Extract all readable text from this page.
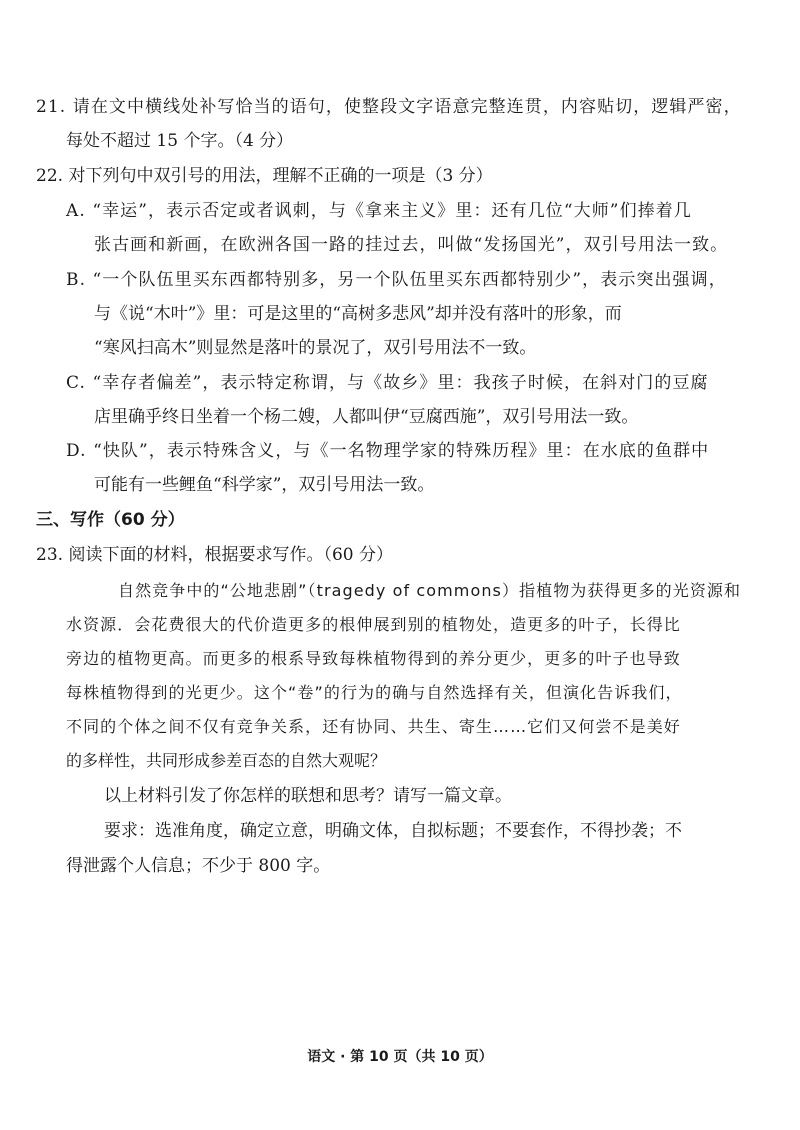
21. 请在文中横线处补写恰当的语句，使整段文字语意完整连贯，内容贴切，逻辑严密，
每处不超过 15 个字。（4 分）
22. 对下列句中双引号的用法，理解不正确的一项是（3 分）
A. “幸运”，表示否定或者讽刺，与《拿来主义》里：还有几位“大师”们捧着几
张古画和新画，在欧洲各国一路的挂过去，叫做“发扬国光”，双引号用法一致。
B. “一个队伍里买东西都特别多，另一个队伍里买东西都特别少”，表示突出强调，
与《说“木叶”》里：可是这里的“高树多悲风”却并没有落叶的形象，而
“寒风扫高木”则显然是落叶的景况了，双引号用法不一致。
C. “幸存者偏差”，表示特定称谓，与《故乡》里：我孩子时候，在斜对门的豆腐
店里确乎终日坐着一个杨二嫂，人都叫伊“豆腐西施”，双引号用法一致。
D. “快队”，表示特殊含义，与《一名物理学家的特殊历程》里：在水底的鱼群中
可能有一些鲤鱼“科学家”，双引号用法一致。
三、写作（60 分）
23. 阅读下面的材料，根据要求写作。（60 分）
自然竞争中的“公地悲剧”（tragedy of commons）指植物为获得更多的光资源和
水资源．会花费很大的代价造更多的根伸展到别的植物处，造更多的叶子，长得比
旁边的植物更高。而更多的根系导致每株植物得到的养分更少，更多的叶子也导致
每株植物得到的光更少。这个“卷”的行为的确与自然选择有关，但演化告诉我们，
不同的个体之间不仅有竞争关系，还有协同、共生、寄生……它们又何尝不是美好
的多样性，共同形成参差百态的自然大观呢？
以上材料引发了你怎样的联想和思考？请写一篇文章。
要求：选准角度，确定立意，明确文体，自拟标题；不要套作，不得抄袭；不
得泄露个人信息；不少于 800 字。
语文 · 第 10 页（共 10 页）
